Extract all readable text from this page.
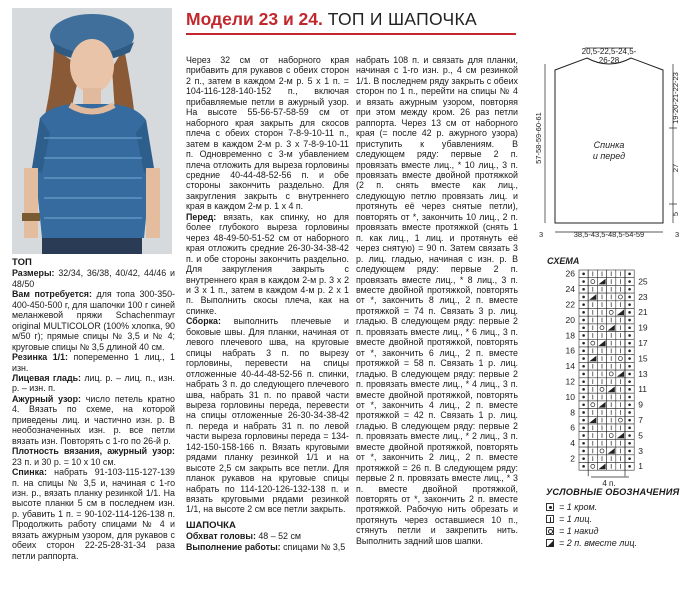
Модели 23 и 24. ТОП И ШАПОЧКА

ТОП

Размеры: 32/34, 36/38, 40/42, 44/46 и 48/50

Вам потребуется: для топа 300-350-400-450-500 г, для шапочки 100 г синей меланжевой пряжи Schachenmayr original MULTICOLOR (100% хлопка, 90 м/50 г); прямые спицы № 3,5 и № 4; круговые спицы № 3,5 длиной 40 см.

Резинка 1/1: попеременно 1 лиц., 1 изн.

Лицевая гладь: лиц. р. – лиц. п., изн. р. – изн. п.

Ажурный узор: число петель кратно 4. Вязать по схеме, на которой приведены лиц. и частично изн. р. В необозначенных изн. р. все петли вязать изн. Повторять с 1-го по 26-й р.

Плотность вязания, ажурный узор: 23 п. и 30 р. = 10 х 10 см.

Спинка: набрать 91-103-115-127-139 п. на спицы № 3,5 и, начиная с 1-го изн. р., вязать планку резинкой 1/1. На высоте планки 5 см в последнем изн. р. убавить 1 п. = 90-102-114-126-138 п. Продолжить работу спицами № 4 и вязать ажурным узором, для рукавов с обеих сторон 22-25-28-31-34 раза петли раппорта.

Через 32 см от наборного края прибавить для рукавов с обеих сторон 2 п., затем в каждом 2-м р. 5 х 1 п. = 104-116-128-140-152 п., включая прибавляемые петли в ажурный узор. На высоте 55-56-57-58-59 см от наборного края закрыть для скосов плеча с обеих сторон 7-8-9-10-11 п., затем в каждом 2-м р. 3 х 7-8-9-10-11 п. Одновременно с 3-м убавлением плеча отложить для выреза горловины средние 40-44-48-52-56 п. и обе стороны закончить раздельно. Для закругления закрыть с внутреннего края в каждом 2-м р. 1 х 4 п.

Перед: вязать, как спинку, но для более глубокого выреза горловины через 48-49-50-51-52 см от наборного края отложить средние 26-30-34-38-42 п. и обе стороны закончить раздельно. Для закругления закрыть с внутреннего края в каждом 2-м р. 3 х 2 и 3 х 1 п., затем в каждом 4-м р. 2 х 1 п. Выполнить скосы плеча, как на спинке.

Сборка: выполнить плечевые и боковые швы. Для планки, начиная от левого плечевого шва, на круговые спицы набрать 3 п. по вырезу горловины, перевести на спицы отложенные 40-44-48-52-56 п. спинки, набрать 3 п. до следующего плечевого шва, набрать 31 п. по правой части выреза горловины переда, перевести на спицы отложенные 26-30-34-38-42 п. переда и набрать 31 п. по левой части выреза горловины переда = 134-142-150-158-166 п. Вязать круговыми рядами планку резинкой 1/1 и на высоте 2,5 см закрыть все петли. Для планок рукавов на круговые спицы набрать по 114-120-126-132-138 п. и вязать круговыми рядами резинкой 1/1, на высоте 2 см все петли закрыть.

ШАПОЧКА

Обхват головы: 48 – 52 см

Выполнение работы: спицами № 3,5

набрать 108 п. и связать для планки, начиная с 1-го изн. р., 4 см резинкой 1/1. В последнем ряду закрыть с обеих сторон по 1 п., перейти на спицы № 4 и вязать ажурным узором, повторяя при этом между кром. 26 раз петли раппорта. Через 13 см от наборного края (= после 42 р. ажурного узора) приступить к убавлениям. В следующем ряду: первые 2 п. провязать вместе лиц., * 10 лиц., 3 п. провязать вместе двойной протяжкой (2 п. снять вместе как лиц., следующую петлю провязать лиц. и протянуть её через снятые петли), повторять от *, закончить 10 лиц., 2 п. провязать вместе протяжкой (снять 1 п. как лиц., 1 лиц. и протянуть её через снятую) = 90 п. Затем связать 3 р. лиц. гладью, начиная с изн. р. В следующем ряду: первые 2 п. провязать вместе лиц., * 8 лиц., 3 п. вместе двойной протяжкой, повторять от *, закончить 8 лиц., 2 п. вместе протяжкой = 74 п. Связать 3 р. лиц. гладью. В следующем ряду: первые 2 п. провязать вместе лиц., * 6 лиц., 3 п. вместе двойной протяжкой, повторять от *, закончить 6 лиц., 2 п. вместе протяжкой = 58 п. Связать 1 р. лиц. гладью. В следующем ряду: первые 2 п. провязать вместе лиц., * 4 лиц., 3 п. вместе двойной протяжкой, повторять от *, закончить 4 лиц., 2 п. вместе протяжкой = 42 п. Связать 1 р. лиц. гладью. В следующем ряду: первые 2 п. провязать вместе лиц., * 2 лиц., 3 п. вместе двойной протяжкой, повторять от *, закончить 2 лиц., 2 п. вместе протяжкой = 26 п. В следующем ряду: первые 2 п. провязать вместе лиц., * 3 п. вместе двойной протяжкой, повторять от *, закончить 2 п. вместе протяжкой. Рабочую нить обрезать и протянуть через оставшиеся 10 п., стянуть петли и закрепить нить. Выполнить задний шов шапки.

20,5-22,5-24,5-
26-28
Спинка
и перед
57-58-59-60-61
19-20-21-22-23
27
5
38,5-43,5-48,5-54-59
3	3
СХЕМА
26
24
22
20
18
16
14
12
10
8
6
4
2
25
23
21
19
17
15
13
11
9
7
5
3
1
4 п.
УСЛОВНЫЕ ОБОЗНАЧЕНИЯ
= 1 кром.
= 1 лиц.
= 1 накид
= 2 п. вместе лиц.
